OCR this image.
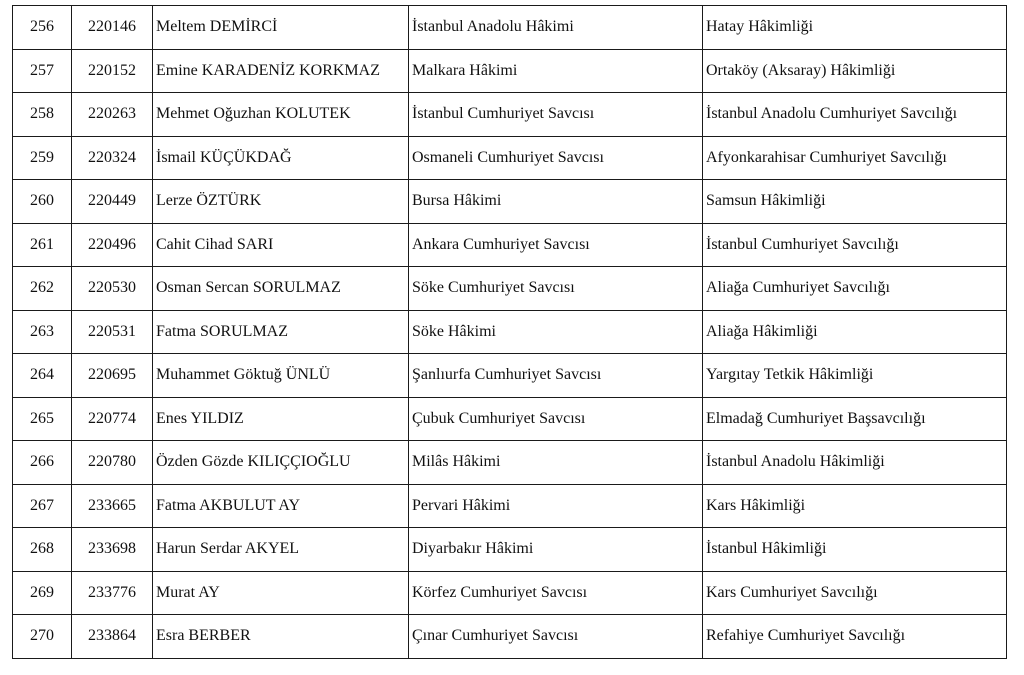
256	220146	Meltem DEMİRCİ	İstanbul Anadolu Hâkimi	Hatay Hâkimliği
257	220152	Emine KARADENİZ KORKMAZ	Malkara Hâkimi	Ortaköy (Aksaray) Hâkimliği
258	220263	Mehmet Oğuzhan KOLUTEK	İstanbul Cumhuriyet Savcısı	İstanbul Anadolu Cumhuriyet Savcılığı
259	220324	İsmail KÜÇÜKDAĞ	Osmaneli Cumhuriyet Savcısı	Afyonkarahisar Cumhuriyet Savcılığı
260	220449	Lerze ÖZTÜRK	Bursa Hâkimi	Samsun Hâkimliği
261	220496	Cahit Cihad SARI	Ankara Cumhuriyet Savcısı	İstanbul Cumhuriyet Savcılığı
262	220530	Osman Sercan SORULMAZ	Söke Cumhuriyet Savcısı	Aliağa Cumhuriyet Savcılığı
263	220531	Fatma SORULMAZ	Söke Hâkimi	Aliağa Hâkimliği
264	220695	Muhammet Göktuğ ÜNLÜ	Şanlıurfa Cumhuriyet Savcısı	Yargıtay Tetkik Hâkimliği
265	220774	Enes YILDIZ	Çubuk Cumhuriyet Savcısı	Elmadağ Cumhuriyet Başsavcılığı
266	220780	Özden Gözde KILIÇÇIOĞLU	Milâs Hâkimi	İstanbul Anadolu Hâkimliği
267	233665	Fatma AKBULUT AY	Pervari Hâkimi	Kars Hâkimliği
268	233698	Harun Serdar AKYEL	Diyarbakır Hâkimi	İstanbul Hâkimliği
269	233776	Murat AY	Körfez Cumhuriyet Savcısı	Kars Cumhuriyet Savcılığı
270	233864	Esra BERBER	Çınar Cumhuriyet Savcısı	Refahiye Cumhuriyet Savcılığı
